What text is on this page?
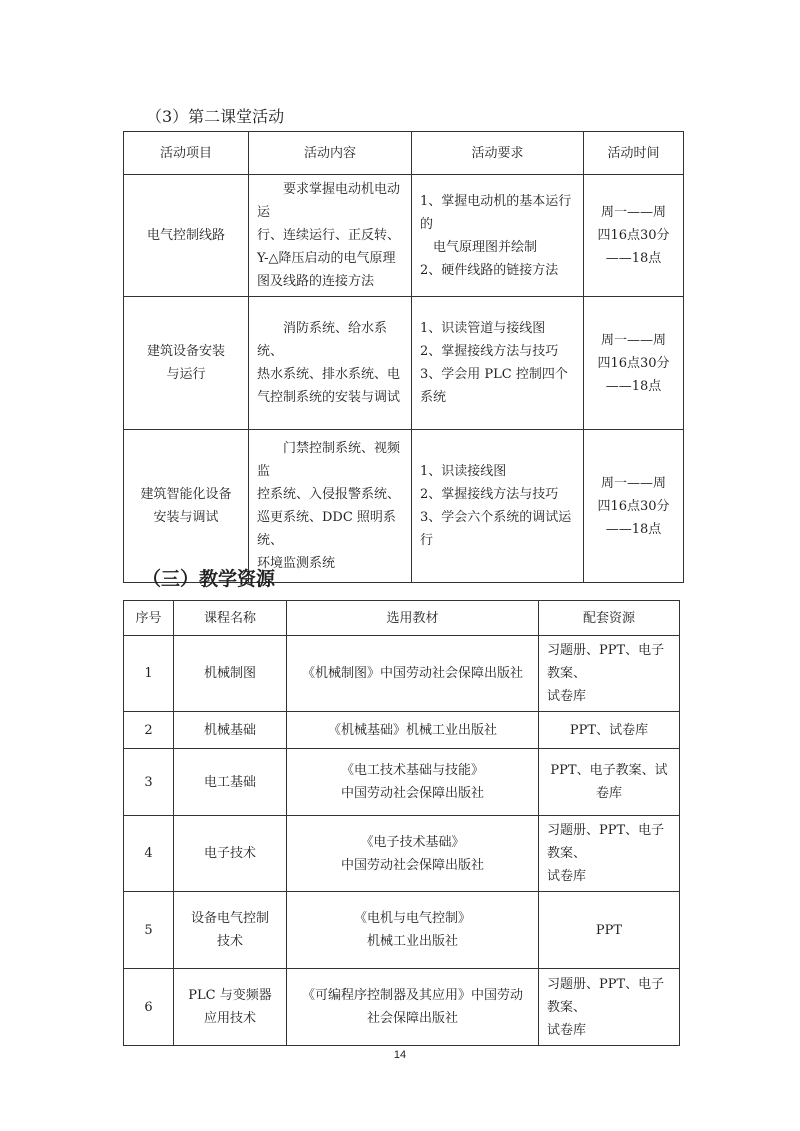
（3）第二课堂活动
活动项目	活动内容	活动要求	活动时间

电气控制线路	　　要求掌握电动机电动运
行、连续运行、正反转、
Y-△降压启动的电气原理
图及线路的连接方法	1、掌握电动机的基本运行的
　电气原理图并绘制
2、硬件线路的链接方法	周一——周
四16点30分
——18点

建筑设备安装
与运行	　　消防系统、给水系统、
热水系统、排水系统、电
气控制系统的安装与调试	1、识读管道与接线图
2、掌握接线方法与技巧
3、学会用 PLC 控制四个系统	周一——周
四16点30分
——18点

建筑智能化设备
安装与调试	　　门禁控制系统、视频监
控系统、入侵报警系统、
巡更系统、DDC 照明系统、
环境监测系统	1、识读接线图
2、掌握接线方法与技巧
3、学会六个系统的调试运行	周一——周
四16点30分
——18点
（三）教学资源
序号	课程名称	选用教材	配套资源
1	机械制图	《机械制图》中国劳动社会保障出版社	习题册、PPT、电子教案、
试卷库

2	机械基础	《机械基础》机械工业出版社	PPT、试卷库

3	电工基础	《电工技术基础与技能》
中国劳动社会保障出版社	PPT、电子教案、试卷库

4	电子技术	《电子技术基础》
中国劳动社会保障出版社	习题册、PPT、电子教案、
试卷库

5	设备电气控制
技术	《电机与电气控制》
机械工业出版社	PPT

6	PLC 与变频器
应用技术	《可编程序控制器及其应用》中国劳动
社会保障出版社	习题册、PPT、电子教案、
试卷库
14
